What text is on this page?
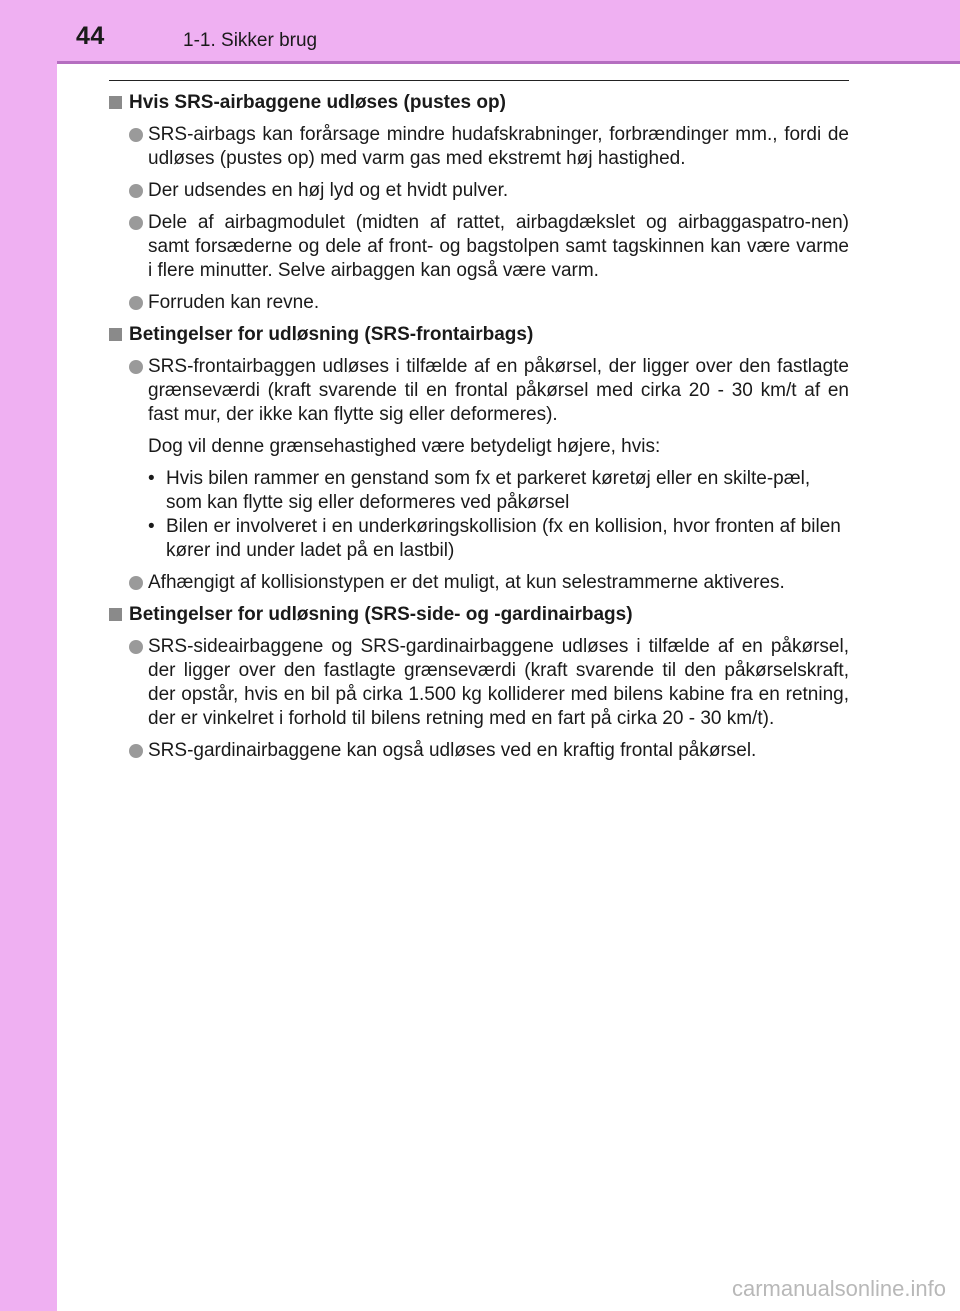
44	1-1. Sikker brug
Hvis SRS-airbaggene udløses (pustes op)
SRS-airbags kan forårsage mindre hudafskrabninger, forbrændinger mm., fordi de udløses (pustes op) med varm gas med ekstremt høj hastighed.
Der udsendes en høj lyd og et hvidt pulver.
Dele af airbagmodulet (midten af rattet, airbagdækslet og airbaggaspatro-nen) samt forsæderne og dele af front- og bagstolpen samt tagskinnen kan være varme i flere minutter. Selve airbaggen kan også være varm.
Forruden kan revne.
Betingelser for udløsning (SRS-frontairbags)
SRS-frontairbaggen udløses i tilfælde af en påkørsel, der ligger over den fastlagte grænseværdi (kraft svarende til en frontal påkørsel med cirka 20 - 30 km/t af en fast mur, der ikke kan flytte sig eller deformeres).
Dog vil denne grænsehastighed være betydeligt højere, hvis:
• Hvis bilen rammer en genstand som fx et parkeret køretøj eller en skilte-pæl, som kan flytte sig eller deformeres ved påkørsel
• Bilen er involveret i en underkøringskollision (fx en kollision, hvor fronten af bilen kører ind under ladet på en lastbil)
Afhængigt af kollisionstypen er det muligt, at kun selestrammerne aktiveres.
Betingelser for udløsning (SRS-side- og -gardinairbags)
SRS-sideairbaggene og SRS-gardinairbaggene udløses i tilfælde af en påkørsel, der ligger over den fastlagte grænseværdi (kraft svarende til den påkørselskraft, der opstår, hvis en bil på cirka 1.500 kg kolliderer med bilens kabine fra en retning, der er vinkelret i forhold til bilens retning med en fart på cirka 20 - 30 km/t).
SRS-gardinairbaggene kan også udløses ved en kraftig frontal påkørsel.
carmanualsonline.info
